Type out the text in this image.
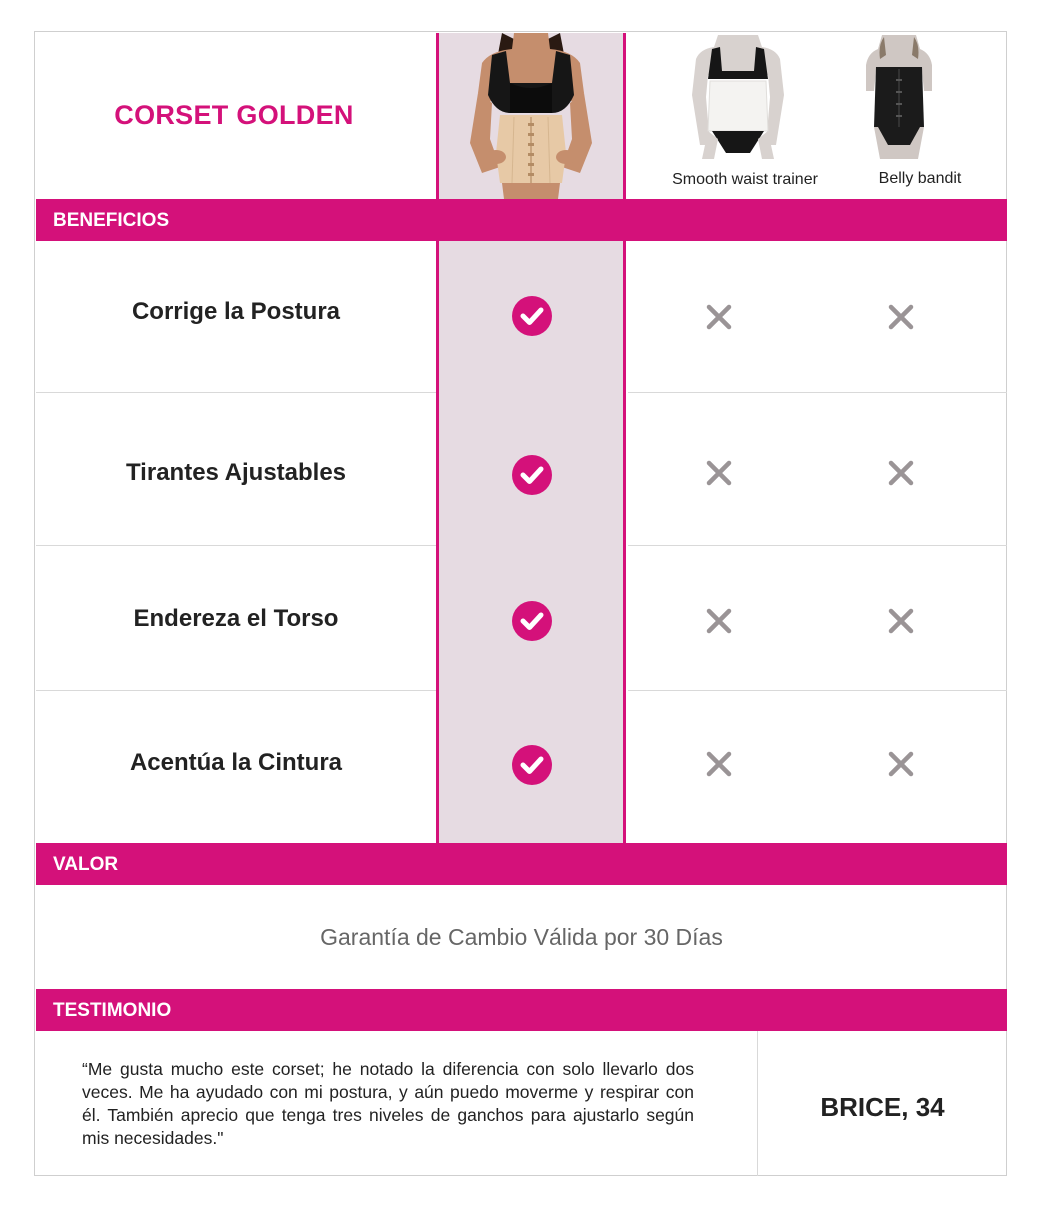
CORSET GOLDEN
Smooth waist trainer	Belly bandit
BENEFICIOS
VALOR
TESTIMONIO
Corrige la Postura
Tirantes Ajustables
Endereza el Torso
Acentúa la Cintura
Garantía de Cambio Válida por 30 Días
“Me gusta mucho este corset; he notado la diferencia con solo llevarlo dos veces. Me ha ayudado con mi postura, y aún puedo moverme y respirar con él. También aprecio que tenga tres niveles de ganchos para ajustarlo según mis necesidades."
BRICE, 34
